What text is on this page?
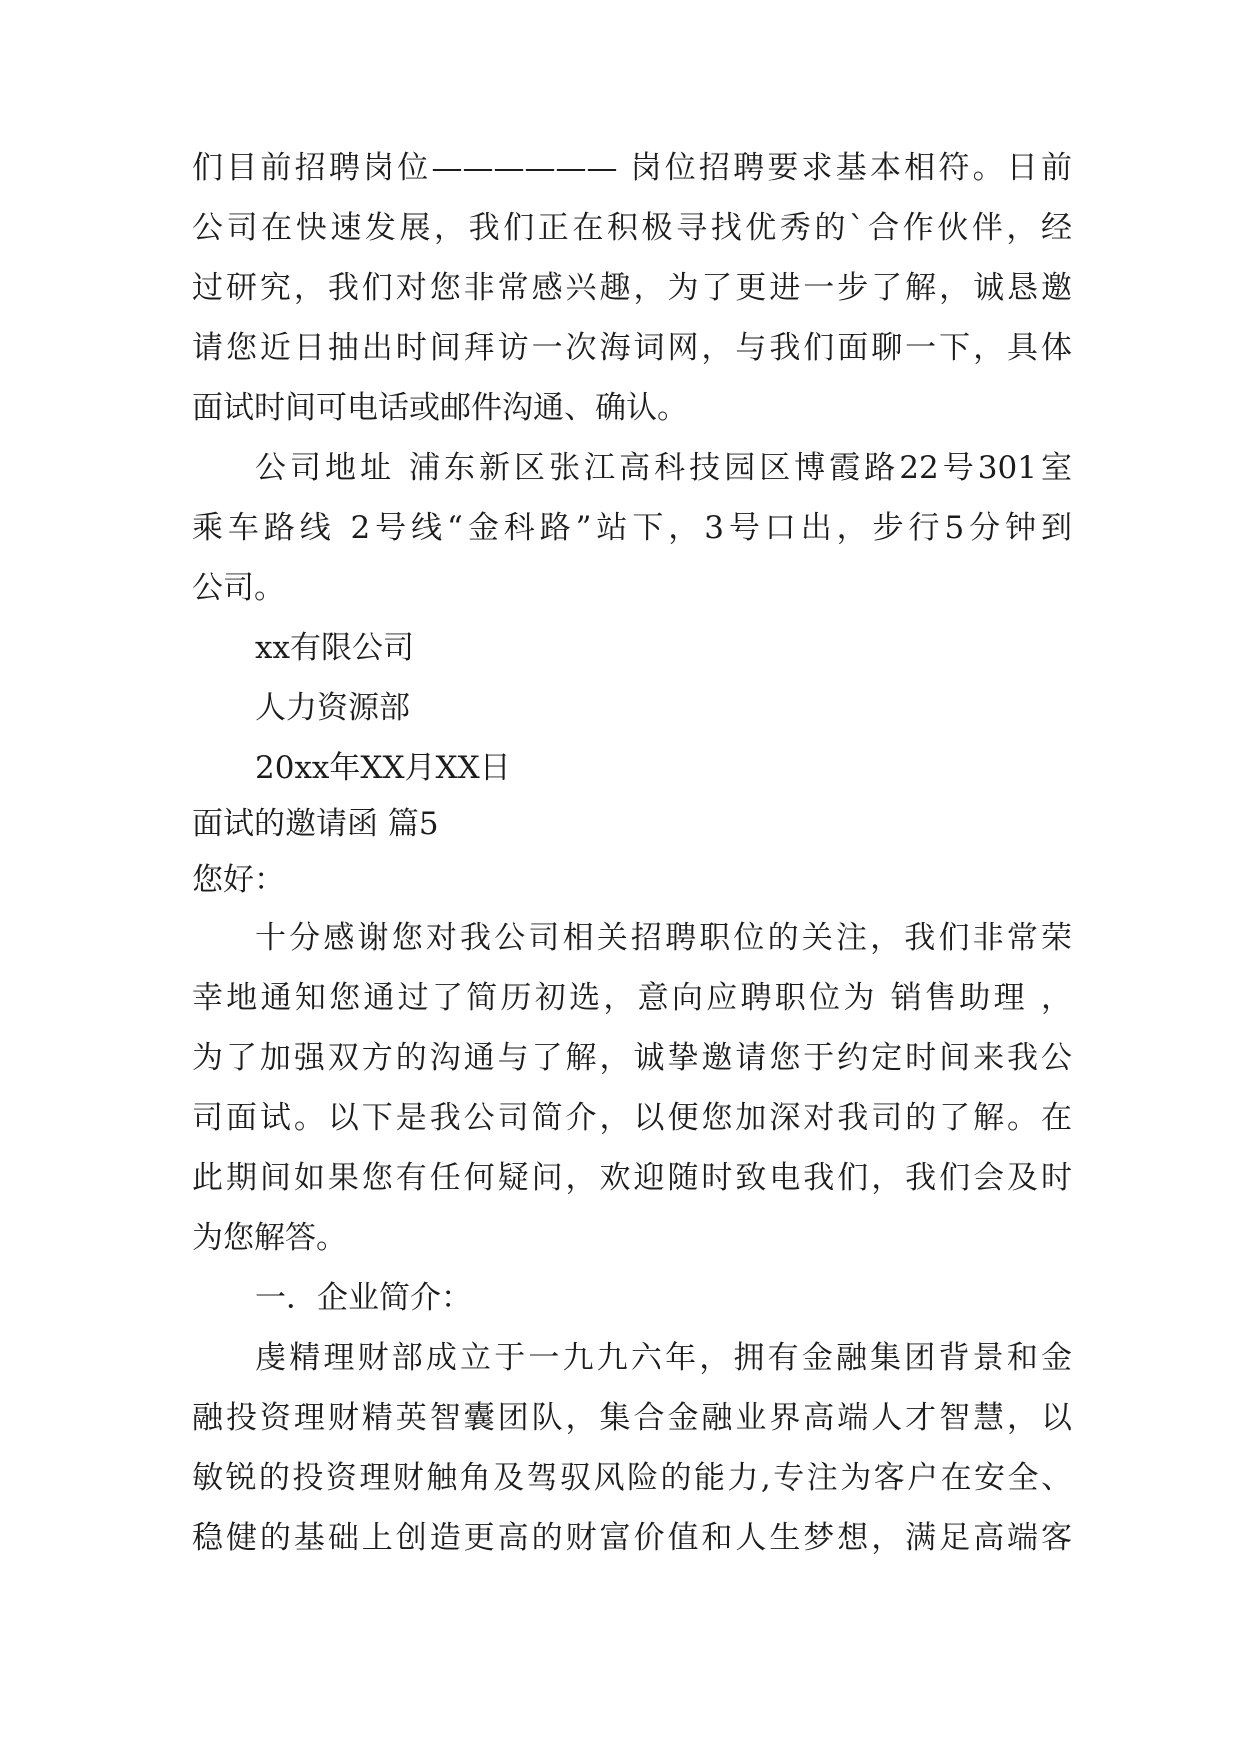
们目前招聘岗位—————— 岗位招聘要求基本相符。日前
公司在快速发展，我们正在积极寻找优秀的`合作伙伴，经
过研究，我们对您非常感兴趣，为了更进一步了解，诚恳邀
请您近日抽出时间拜访一次海词网，与我们面聊一下，具体
面试时间可电话或邮件沟通、确认。
公司地址 浦东新区张江高科技园区博霞路22号301室
乘车路线 2号线“金科路”站下，3号口出，步行5分钟到
公司。
xx有限公司
人力资源部
20xx年XX月XX日
面试的邀请函 篇5
您好：
十分感谢您对我公司相关招聘职位的关注，我们非常荣
幸地通知您通过了简历初选，意向应聘职位为 销售助理 ，
为了加强双方的沟通与了解，诚挚邀请您于约定时间来我公
司面试。以下是我公司简介，以便您加深对我司的了解。在
此期间如果您有任何疑问，欢迎随时致电我们，我们会及时
为您解答。
一．企业简介：
虔精理财部成立于一九九六年，拥有金融集团背景和金
融投资理财精英智囊团队，集合金融业界高端人才智慧，以
敏锐的投资理财触角及驾驭风险的能力,专注为客户在安全、
稳健的基础上创造更高的财富价值和人生梦想，满足高端客
